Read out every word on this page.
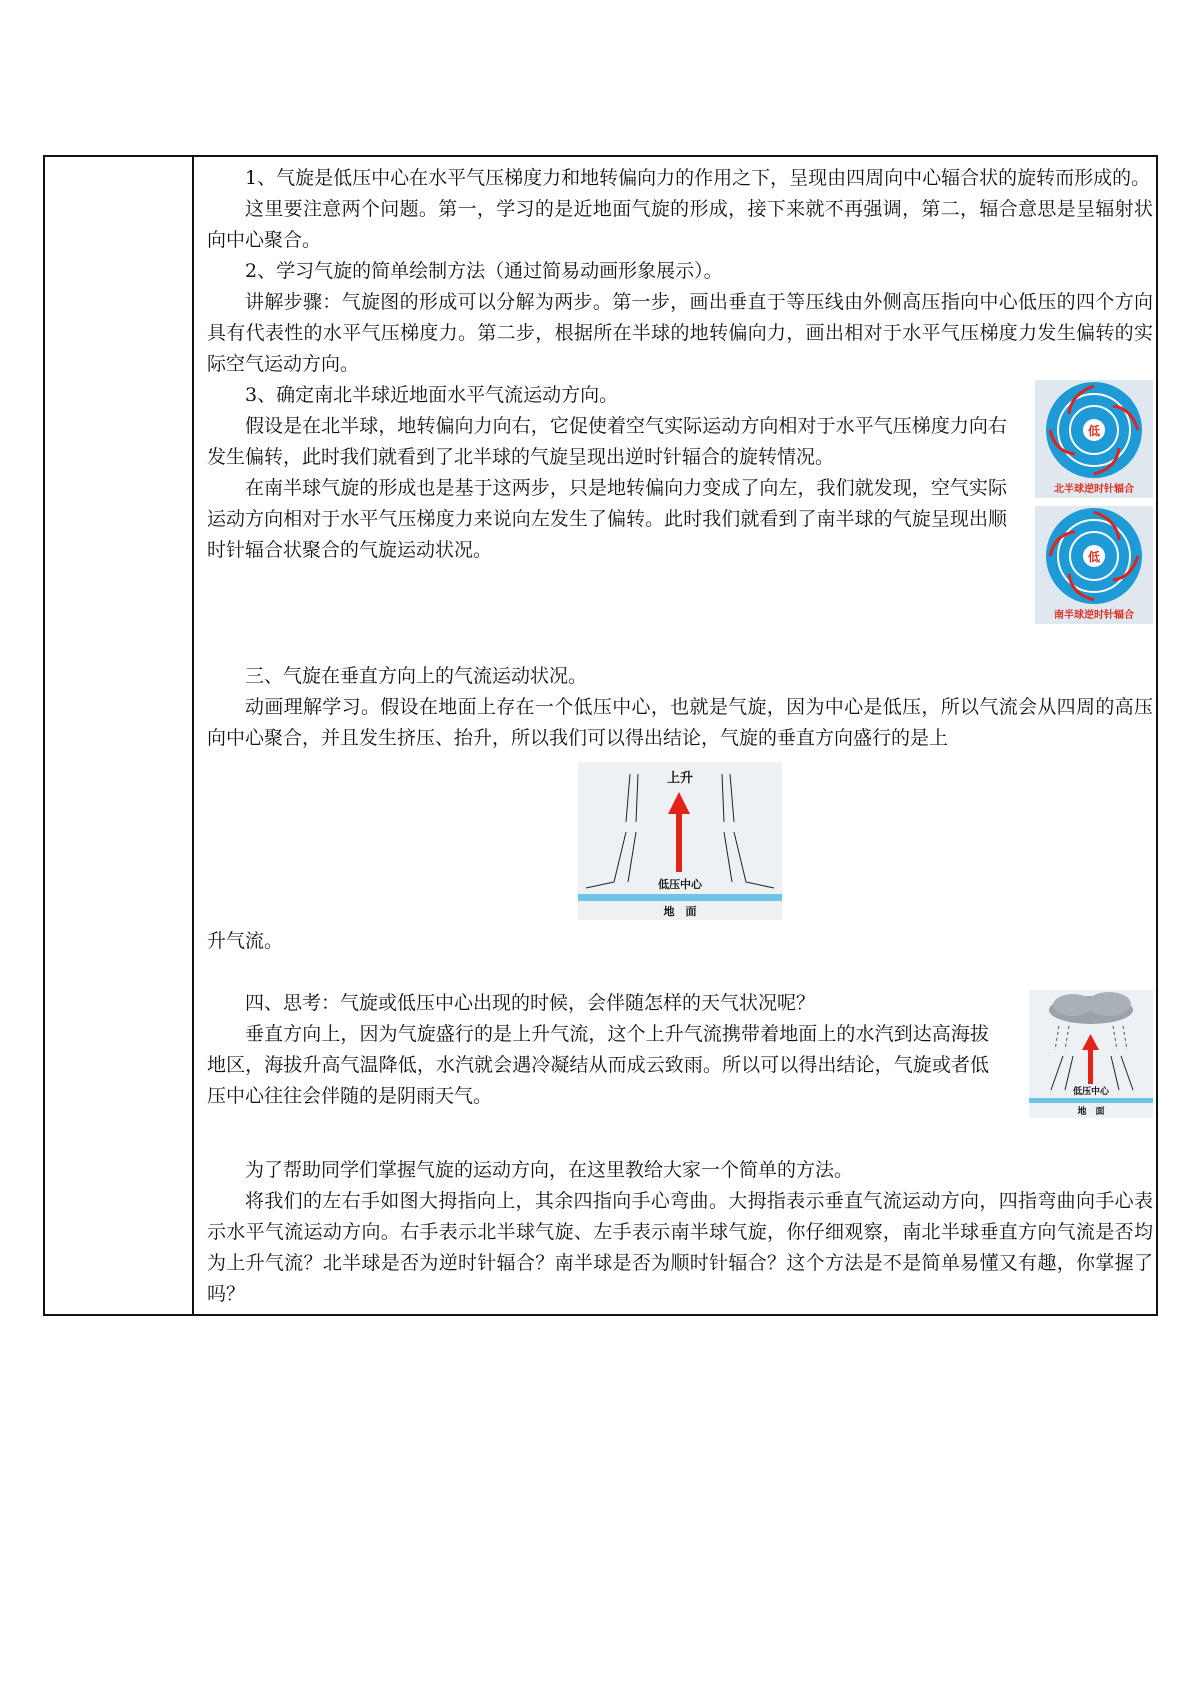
1、气旋是低压中心在水平气压梯度力和地转偏向力的作用之下，呈现由四周向中心辐合状的旋转而形成的。

这里要注意两个问题。第一，学习的是近地面气旋的形成，接下来就不再强调，第二，辐合意思是呈辐射状向中心聚合。

2、学习气旋的简单绘制方法（通过简易动画形象展示）。

讲解步骤：气旋图的形成可以分解为两步。第一步，画出垂直于等压线由外侧高压指向中心低压的四个方向具有代表性的水平气压梯度力。第二步，根据所在半球的地转偏向力，画出相对于水平气压梯度力发生偏转的实际空气运动方向。

低
北半球逆时针辐合
低
南半球逆时针辐合

3、确定南北半球近地面水平气流运动方向。

假设是在北半球，地转偏向力向右，它促使着空气实际运动方向相对于水平气压梯度力向右发生偏转，此时我们就看到了北半球的气旋呈现出逆时针辐合的旋转情况。

在南半球气旋的形成也是基于这两步，只是地转偏向力变成了向左，我们就发现，空气实际运动方向相对于水平气压梯度力来说向左发生了偏转。此时我们就看到了南半球的气旋呈现出顺时针辐合状聚合的气旋运动状况。

三、气旋在垂直方向上的气流运动状况。

动画理解学习。假设在地面上存在一个低压中心，也就是气旋，因为中心是低压，所以气流会从四周的高压向中心聚合，并且发生挤压、抬升，所以我们可以得出结论，气旋的垂直方向盛行的是上

上升
低压中心
地　面

升气流。

低压中心
地　面

四、思考：气旋或低压中心出现的时候，会伴随怎样的天气状况呢？

垂直方向上，因为气旋盛行的是上升气流，这个上升气流携带着地面上的水汽到达高海拔地区，海拔升高气温降低，水汽就会遇冷凝结从而成云致雨。所以可以得出结论，气旋或者低压中心往往会伴随的是阴雨天气。

为了帮助同学们掌握气旋的运动方向，在这里教给大家一个简单的方法。

将我们的左右手如图大拇指向上，其余四指向手心弯曲。大拇指表示垂直气流运动方向，四指弯曲向手心表示水平气流运动方向。右手表示北半球气旋、左手表示南半球气旋，你仔细观察，南北半球垂直方向气流是否均为上升气流？北半球是否为逆时针辐合？南半球是否为顺时针辐合？这个方法是不是简单易懂又有趣，你掌握了吗？
